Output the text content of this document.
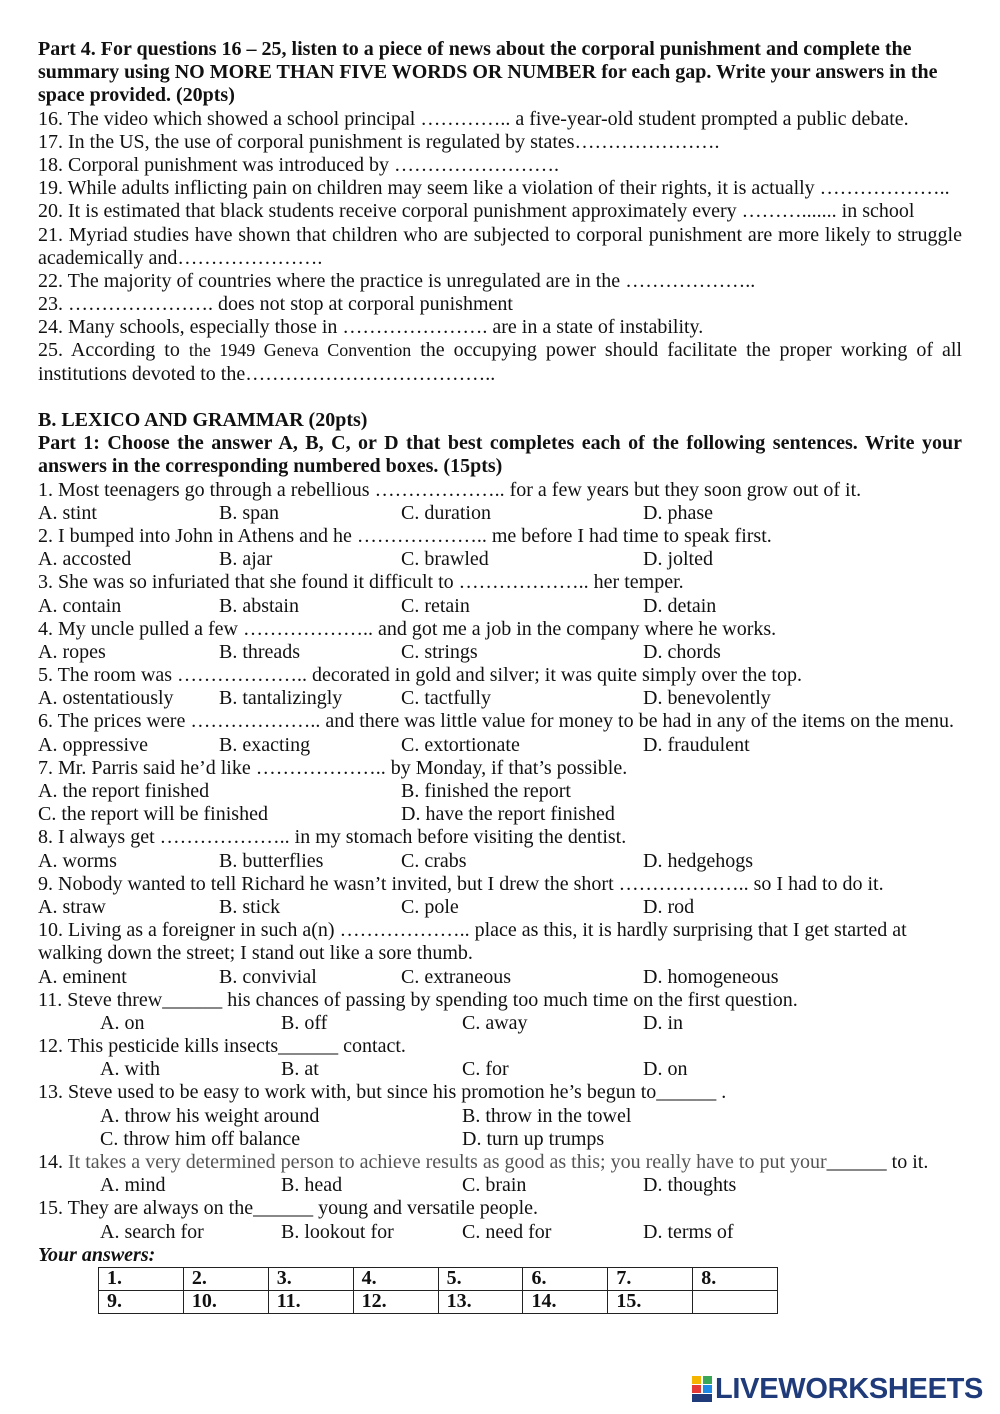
Part 4. For questions 16 – 25, listen to a piece of news about the corporal punishment and complete the
summary using NO MORE THAN FIVE WORDS OR NUMBER for each gap. Write your answers in the
space provided. (20pts)
16. The video which showed a school principal ………….. a five-year-old student prompted a public debate.
17. In the US, the use of corporal punishment is regulated by states………………….
18. Corporal punishment was introduced by …………………….
19. While adults inflicting pain on children may seem like a violation of their rights, it is actually ………………..
20. It is estimated that black students receive corporal punishment approximately every ………....... in school
21. Myriad studies have shown that children who are subjected to corporal punishment are more likely to struggle
academically and………………….
22. The majority of countries where the practice is unregulated are in the ………………..
23. …………………. does not stop at corporal punishment
24. Many schools, especially those in …………………. are in a state of instability.
25. According to the 1949 Geneva Convention the occupying power should facilitate the proper working of all
institutions devoted to the………………………………..
B. LEXICO AND GRAMMAR (20pts)
Part 1: Choose the answer A, B, C, or D that best completes each of the following sentences. Write your
answers in the corresponding numbered boxes. (15pts)
1. Most teenagers go through a rebellious ……………….. for a few years but they soon grow out of it.
A. stint	B. span	C. duration	D. phase
2. I bumped into John in Athens and he ……………….. me before I had time to speak first.
A. accosted	B. ajar	C. brawled	D. jolted
3. She was so infuriated that she found it difficult to ……………….. her temper.
A. contain	B. abstain	C. retain	D. detain
4. My uncle pulled a few ……………….. and got me a job in the company where he works.
A. ropes	B. threads	C. strings	D. chords
5. The room was ……………….. decorated in gold and silver; it was quite simply over the top.
A. ostentatiously B. tantalizingly	C. tactfully	D. benevolently
6. The prices were ……………….. and there was little value for money to be had in any of the items on the menu.
A. oppressive	B. exacting	C. extortionate	D. fraudulent
7. Mr. Parris said he’d like ……………….. by Monday, if that’s possible.
A. the report finished	B. finished the report
C. the report will be finished	D. have the report finished
8. I always get ……………….. in my stomach before visiting the dentist.
A. worms	B. butterflies	C. crabs	D. hedgehogs
9. Nobody wanted to tell Richard he wasn’t invited, but I drew the short ……………….. so I had to do it.
A. straw	B. stick	C. pole	D. rod
10. Living as a foreigner in such a(n) ……………….. place as this, it is hardly surprising that I get started at
walking down the street; I stand out like a sore thumb.
A. eminent	B. convivial	C. extraneous	D. homogeneous
11. Steve threw______ his chances of passing by spending too much time on the first question.
A. on	B. off	C. away	D. in
12. This pesticide kills insects______ contact.
A. with	B. at	C. for	D. on
13. Steve used to be easy to work with, but since his promotion he’s begun to______ .
A. throw his weight around	B. throw in the towel
C. throw him off balance	D. turn up trumps
14. It takes a very determined person to achieve results as good as this; you really have to put your______ to it.
A. mind	B. head	C. brain	D. thoughts
15. They are always on the______ young and versatile people.
A. search for	B. lookout for	C. need for	D. terms of
Your answers:
1.	2.	3.	4.	5.	6.	7.	8.
9.	10.	11.	12.	13.	14.	15.	
LIVEWORKSHEETS
